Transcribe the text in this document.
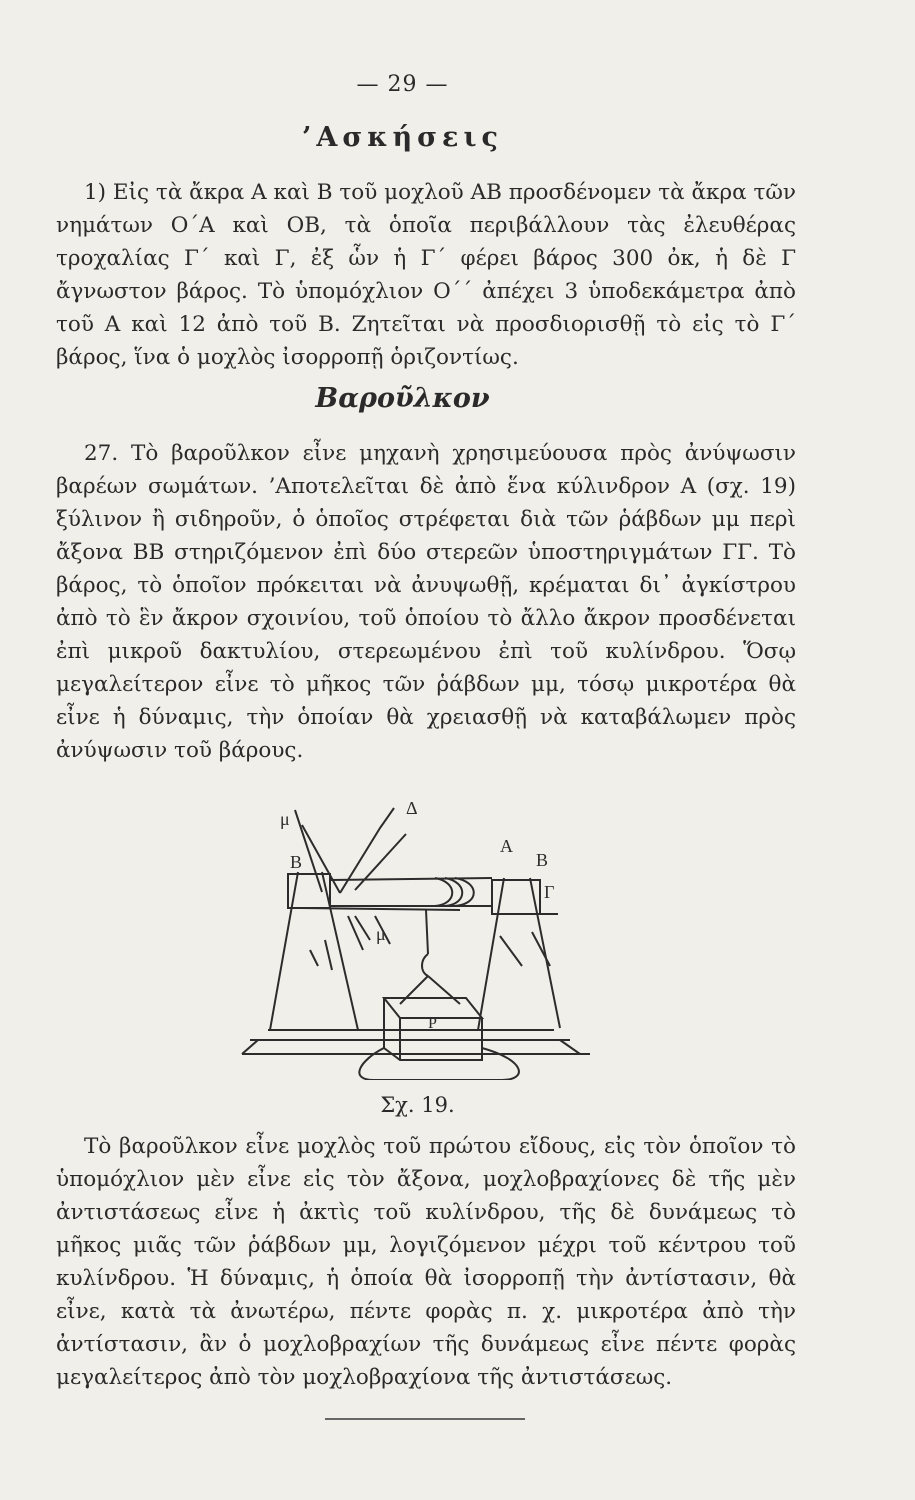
— 29 —
’Ασκήσεις
1) Εἰς τὰ ἄκρα Α καὶ Β τοῦ μοχλοῦ ΑΒ προσδένομεν τὰ ἄκρα τῶν νημάτων Ο΄Α καὶ ΟΒ, τὰ ὁποῖα περιβάλλουν τὰς ἐλευθέρας τροχαλίας Γ΄ καὶ Γ, ἐξ ὧν ἡ Γ΄ φέρει βάρος 300 ὀκ, ἡ δὲ Γ ἄγνωστον βάρος. Τὸ ὑπομόχλιον Ο΄΄ ἀπέχει 3 ὑποδεκάμετρα ἀπὸ τοῦ Α καὶ 12 ἀπὸ τοῦ Β. Ζητεῖται νὰ προσδιορισθῇ τὸ εἰς τὸ Γ΄ βάρος, ἵνα ὁ μοχλὸς ἰσορροπῇ ὁριζοντίως.
Βαροῦλκον
27. Τὸ βαροῦλκον εἶνε μηχανὴ χρησιμεύουσα πρὸς ἀνύψωσιν βαρέων σωμάτων. ’Αποτελεῖται δὲ ἀπὸ ἕνα κύλινδρον Α (σχ. 19) ξύλινον ἢ σιδηροῦν, ὁ ὁποῖος στρέφεται διὰ τῶν ῥάβδων μμ περὶ ἄξονα ΒΒ στηριζόμενον ἐπὶ δύο στερεῶν ὑποστηριγμάτων ΓΓ. Τὸ βάρος, τὸ ὁποῖον πρόκειται νὰ ἀνυψωθῇ, κρέμαται δι᾽ ἀγκίστρου ἀπὸ τὸ ἓν ἄκρον σχοινίου, τοῦ ὁποίου τὸ ἄλλο ἄκρον προσδένεται ἐπὶ μικροῦ δακτυλίου, στερεωμένου ἐπὶ τοῦ κυλίνδρου. Ὅσῳ μεγαλείτερον εἶνε τὸ μῆκος τῶν ῥάβδων μμ, τόσῳ μικροτέρα θὰ εἶνε ἡ δύναμις, τὴν ὁποίαν θὰ χρειασθῇ νὰ καταβάλωμεν πρὸς ἀνύψωσιν τοῦ βάρους.
μ
Δ
Β
Α
Β
Γ
μ
P
Σχ. 19.
Τὸ βαροῦλκον εἶνε μοχλὸς τοῦ πρώτου εἴδους, εἰς τὸν ὁποῖον τὸ ὑπομόχλιον μὲν εἶνε εἰς τὸν ἄξονα, μοχλοβραχίονες δὲ τῆς μὲν ἀντιστάσεως εἶνε ἡ ἀκτὶς τοῦ κυλίνδρου, τῆς δὲ δυνάμεως τὸ μῆκος μιᾶς τῶν ῥάβδων μμ, λογιζόμενον μέχρι τοῦ κέντρου τοῦ κυλίνδρου. Ἡ δύναμις, ἡ ὁποία θὰ ἰσορροπῇ τὴν ἀντίστασιν, θὰ εἶνε, κατὰ τὰ ἀνωτέρω, πέντε φορὰς π. χ. μικροτέρα ἀπὸ τὴν ἀντίστασιν, ἂν ὁ μοχλοβραχίων τῆς δυνάμεως εἶνε πέντε φορὰς μεγαλείτερος ἀπὸ τὸν μοχλοβραχίονα τῆς ἀντιστάσεως.
